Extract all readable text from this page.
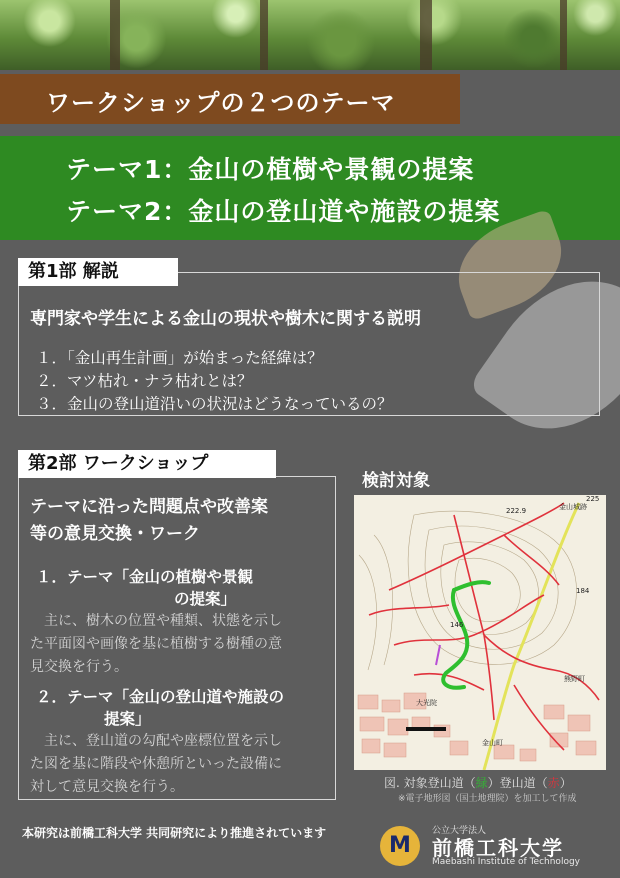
ワークショップの２つのテーマ
テーマ1：金山の植樹や景観の提案
テーマ2：金山の登山道や施設の提案
第1部 解説
専門家や学生による金山の現状や樹木に関する説明
１．「金山再生計画」が始まった経緯は？
２．マツ枯れ・ナラ枯れとは？
３．金山の登山道沿いの状況はどうなっているの？
第2部 ワークショップ
テーマに沿った問題点や改善案
等の意見交換・ワーク
１．テーマ「金山の植樹や景観
の提案」
　主に、樹木の位置や種類、状態を示し
た平面図や画像を基に植樹する樹種の意
見交換を行う。
２．テーマ「金山の登山道や施設の
提案」
　主に、登山道の勾配や座標位置を示し
た図を基に階段や休憩所といった設備に
対して意見交換を行う。
検討対象
金山城跡
大光院
熊野町
金山町
222.9
225
184
146
図. 対象登山道（緑）登山道（赤）
※電子地形図（国土地理院）を加工して作成
本研究は前橋工科大学 共同研究により推進されています	M
公立大学法人
前橋工科大学
Maebashi Institute of Technology
